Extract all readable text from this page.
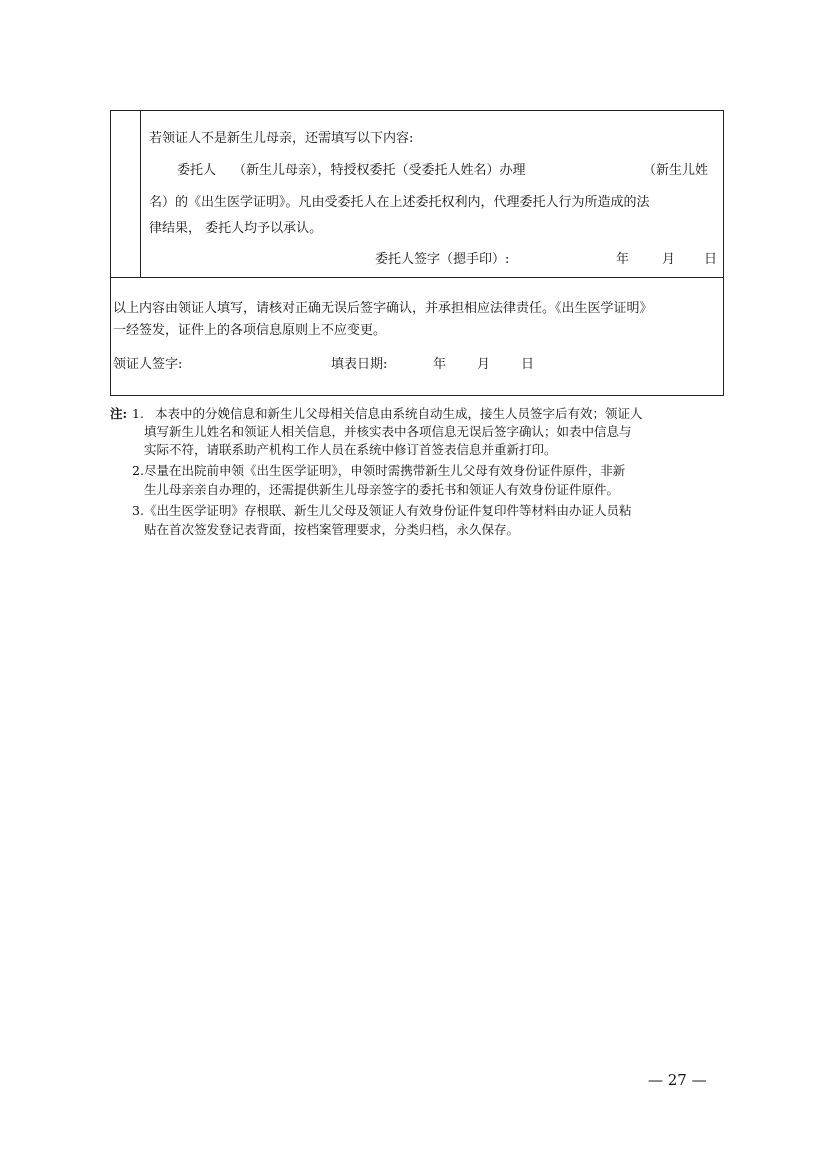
若领证人不是新生儿母亲，还需填写以下内容:
委托人 （新生儿母亲），特授权委托（受委托人姓名）办理	（新生儿姓
名）的《出生医学证明》。凡由受委托人在上述委托权利内，代理委托人行为所造成的法
律结果， 委托人均予以承认。
委托人签字（摁手印）:	年	月 日
以上内容由领证人填写，请核对正确无误后签字确认，并承担相应法律责任。《出生医学证明》
一经签发，证件上的各项信息原则上不应变更。
领证人签字:	填表日期:	年 月 日
注: 1. 本表中的分娩信息和新生儿父母相关信息由系统自动生成，接生人员签字后有效；领证人
填写新生儿姓名和领证人相关信息，并核实表中各项信息无误后签字确认；如表中信息与
实际不符，请联系助产机构工作人员在系统中修订首签表信息并重新打印。
2. 尽量在出院前申领《出生医学证明》，申领时需携带新生儿父母有效身份证件原件，非新
生儿母亲亲自办理的，还需提供新生儿母亲签字的委托书和领证人有效身份证件原件。
3. 《出生医学证明》存根联、新生儿父母及领证人有效身份证件复印件等材料由办证人员粘
贴在首次签发登记表背面，按档案管理要求，分类归档，永久保存。
— 27 —
